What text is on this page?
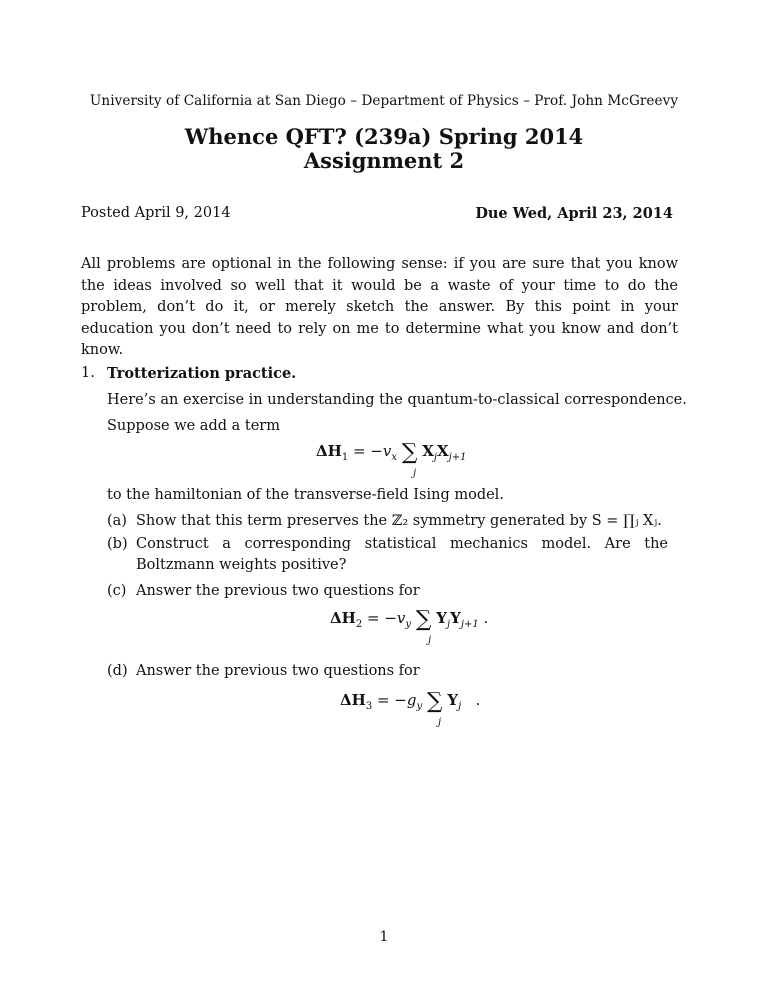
University of California at San Diego – Department of Physics – Prof. John McGreevy
Whence QFT? (239a) Spring 2014
Assignment 2
Posted April 9, 2014	Due Wed, April 23, 2014
All problems are optional in the following sense: if you are sure that you know the ideas involved so well that it would be a waste of your time to do the problem, don’t do it, or merely sketch the answer. By this point in your education you don’t need to rely on me to determine what you know and don’t know.
1. Trotterization practice.
Here’s an exercise in understanding the quantum-to-classical correspondence.
Suppose we add a term
$\Delta H_1 = -v_x$ ∑ $X_jX_{j+1}$
j
to the hamiltonian of the transverse-field Ising model.
(a) Show that this term preserves the ℤ₂ symmetry generated by S = ∏ⱼ Xⱼ.
(b) Construct a corresponding statistical mechanics model. Are the Boltzmann weights positive?
(c) Answer the previous two questions for
$\Delta H_2 = -v_y$ ∑ $Y_jY_{j+1}$ .
j
(d) Answer the previous two questions for
$\Delta H_3 = -g_y$ ∑ $Y_j$ .
j
1
